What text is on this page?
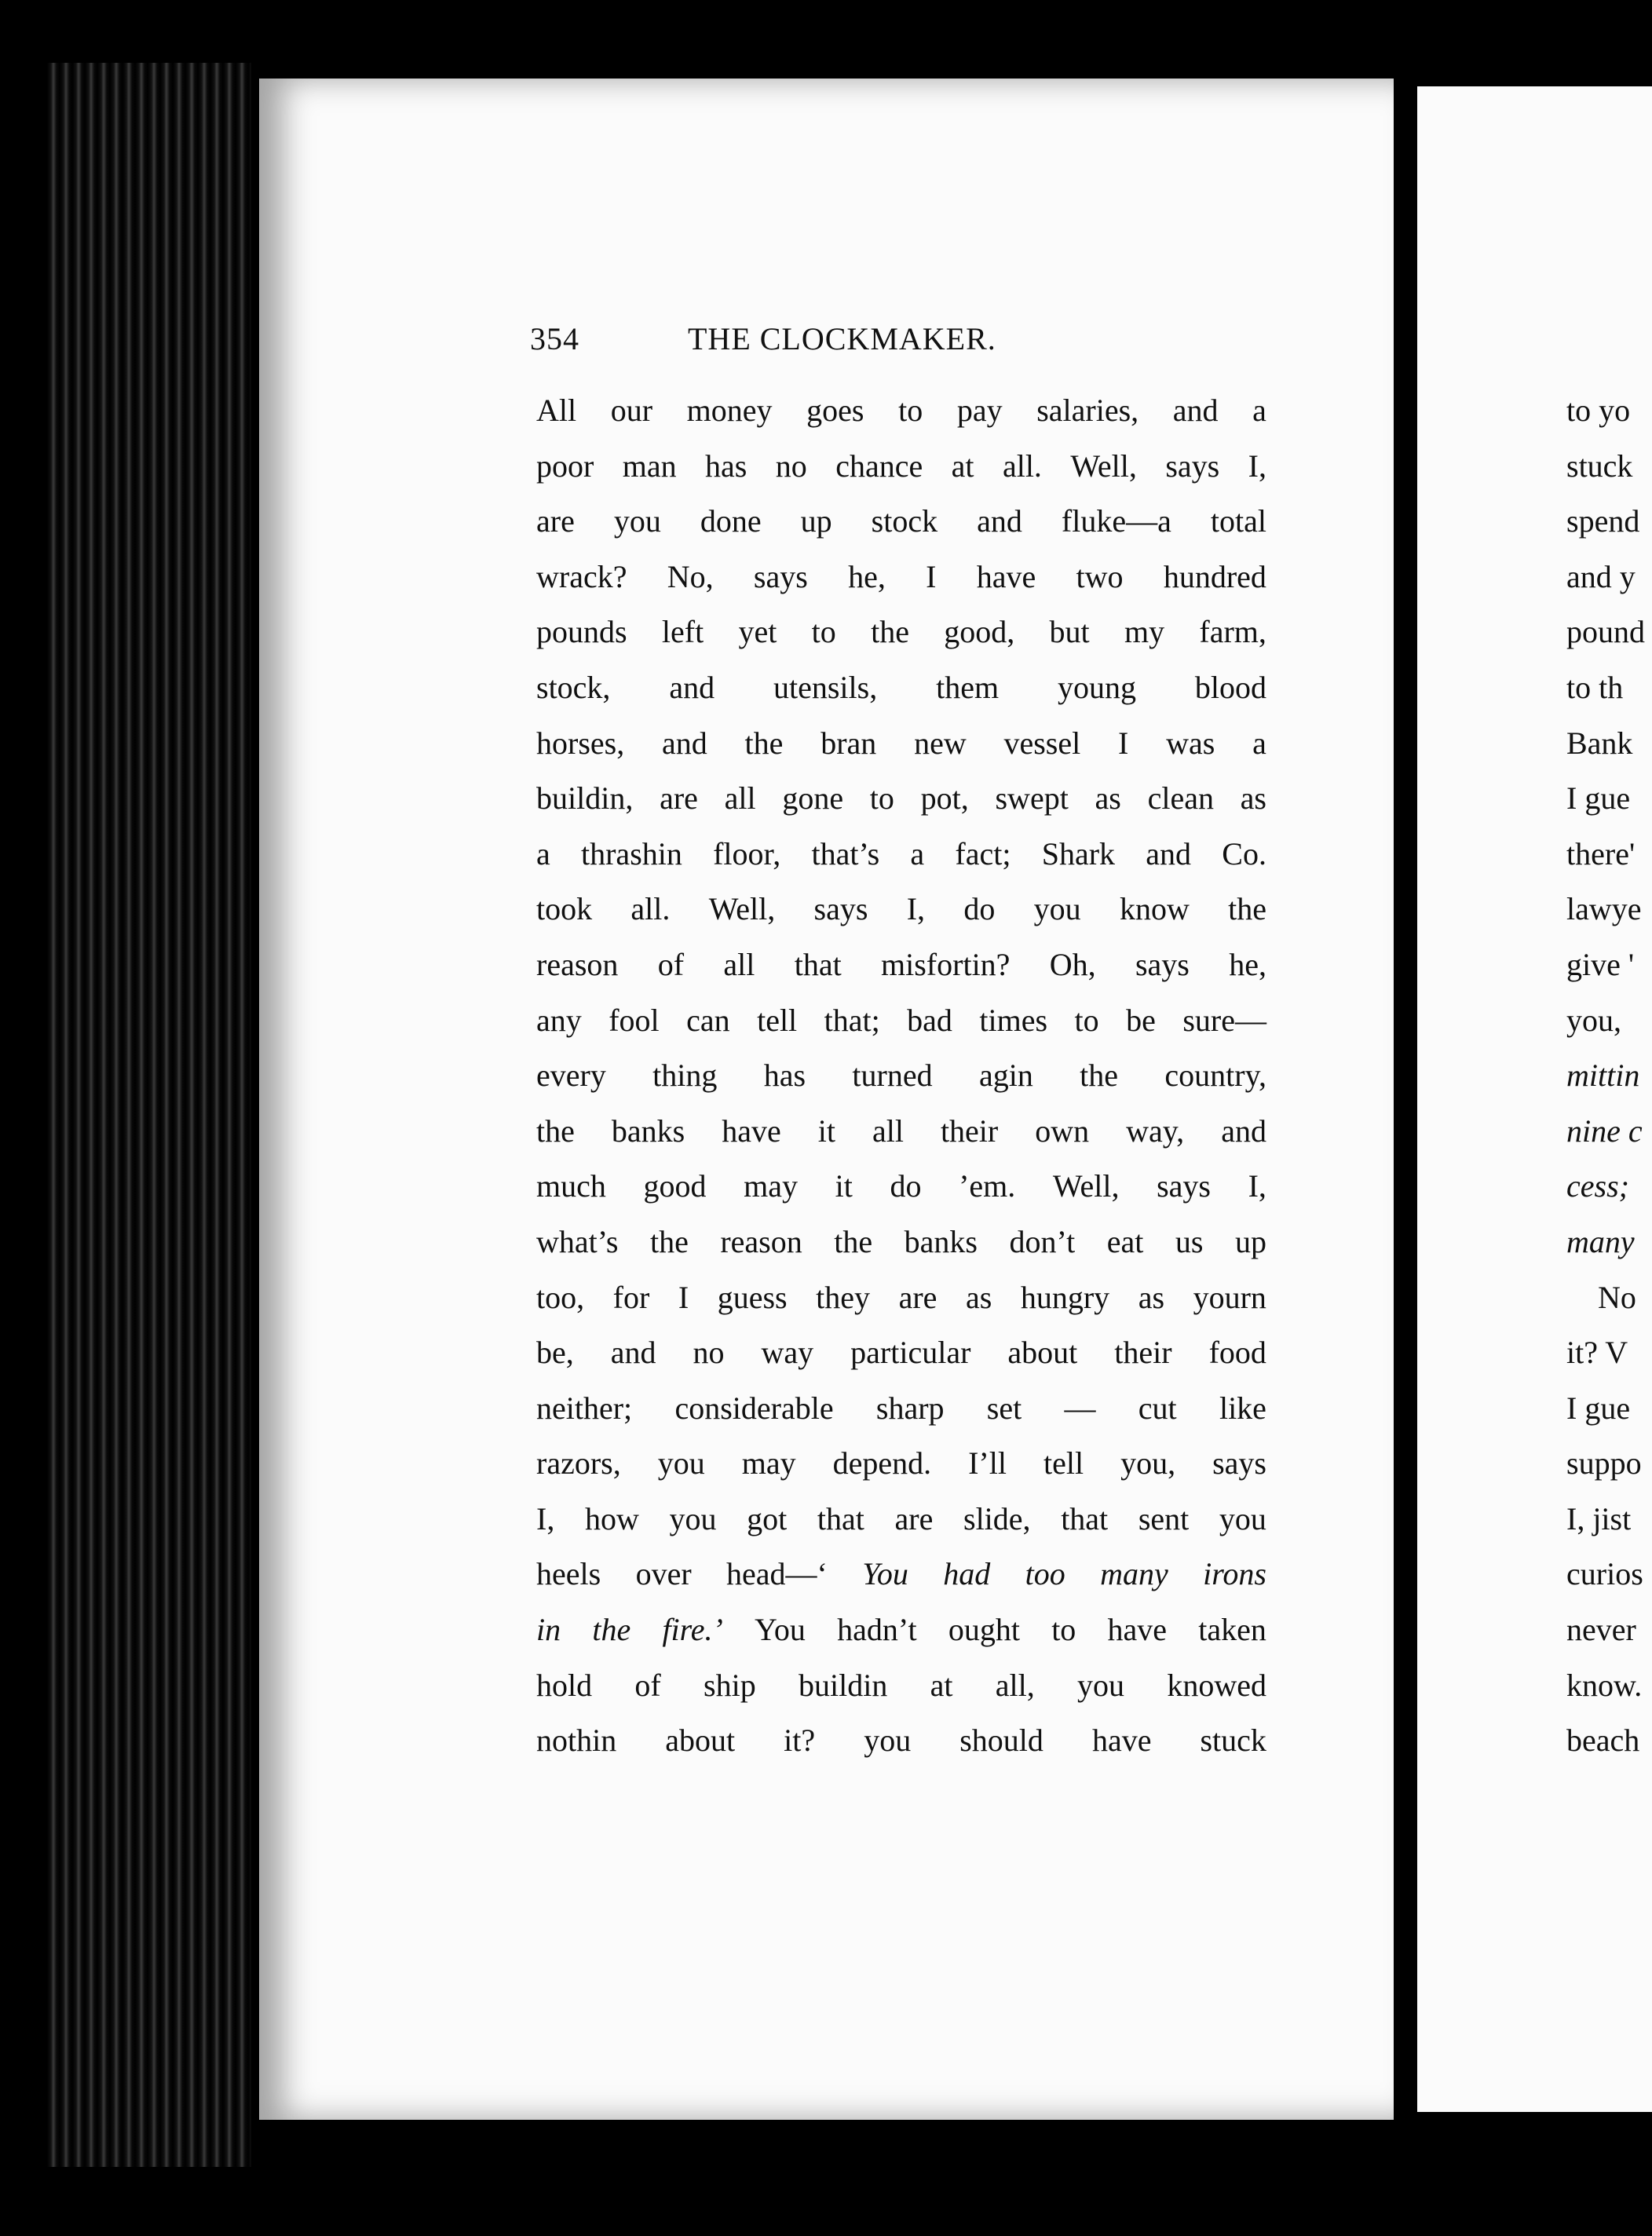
354	THE CLOCKMAKER.
All our money goes to pay salaries, and a
poor man has no chance at all. Well, says I,
are you done up stock and fluke—a total
wrack? No, says he, I have two hundred
pounds left yet to the good, but my farm,
stock, and utensils, them young blood
horses, and the bran new vessel I was a
buildin, are all gone to pot, swept as clean as
a thrashin floor, that’s a fact; Shark and Co.
took all. Well, says I, do you know the
reason of all that misfortin? Oh, says he,
any fool can tell that; bad times to be sure—
every thing has turned agin the country,
the banks have it all their own way, and
much good may it do ’em. Well, says I,
what’s the reason the banks don’t eat us up
too, for I guess they are as hungry as yourn
be, and no way particular about their food
neither; considerable sharp set — cut like
razors, you may depend. I’ll tell you, says
I, how you got that are slide, that sent you
heels over head—‘ You had too many irons
in the fire.’ You hadn’t ought to have taken
hold of ship buildin at all, you knowed
nothin about it? you should have stuck
to yo
stuck
spend
and y
pound
to th
Bank
I gue
there'
lawye
give '
you,
mittin
nine c
cess;
many
No
it? V
I gue
suppo
I, jist
curios
never
know.
beach
